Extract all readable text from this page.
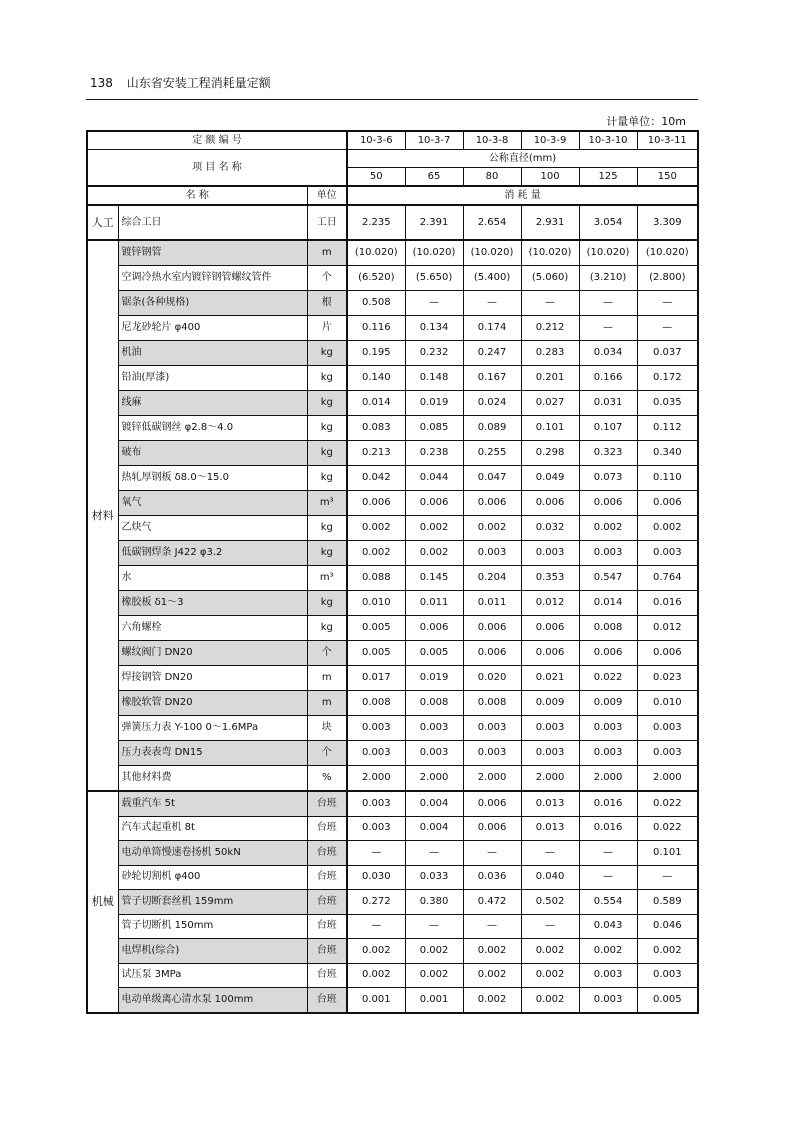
138 山东省安装工程消耗量定额
计量单位：10m
定 额 编 号			10-3-6	10-3-7	10-3-8	10-3-9	10-3-10	10-3-11
项 目 名 称			公称直径(mm)					
			50	65	80	100	125	150
名 称		单位	消 耗 量					
人工	综合工日	工日	2.235	2.391	2.654	2.931	3.054	3.309
材料	镀锌钢管	m	(10.020)	(10.020)	(10.020)	(10.020)	(10.020)	(10.020)
	空调冷热水室内镀锌钢管螺纹管件	个	(6.520)	(5.650)	(5.400)	(5.060)	(3.210)	(2.800)
	锯条(各种规格)	根	0.508	—	—	—	—	—
	尼龙砂轮片 φ400	片	0.116	0.134	0.174	0.212	—	—
	机油	kg	0.195	0.232	0.247	0.283	0.034	0.037
	铅油(厚漆)	kg	0.140	0.148	0.167	0.201	0.166	0.172
	线麻	kg	0.014	0.019	0.024	0.027	0.031	0.035
	镀锌低碳钢丝 φ2.8～4.0	kg	0.083	0.085	0.089	0.101	0.107	0.112
	破布	kg	0.213	0.238	0.255	0.298	0.323	0.340
	热轧厚钢板 δ8.0～15.0	kg	0.042	0.044	0.047	0.049	0.073	0.110
	氧气	m³	0.006	0.006	0.006	0.006	0.006	0.006
	乙炔气	kg	0.002	0.002	0.002	0.032	0.002	0.002
	低碳钢焊条 J422 φ3.2	kg	0.002	0.002	0.003	0.003	0.003	0.003
	水	m³	0.088	0.145	0.204	0.353	0.547	0.764
	橡胶板 δ1～3	kg	0.010	0.011	0.011	0.012	0.014	0.016
	六角螺栓	kg	0.005	0.006	0.006	0.006	0.008	0.012
	螺纹阀门 DN20	个	0.005	0.005	0.006	0.006	0.006	0.006
	焊接钢管 DN20	m	0.017	0.019	0.020	0.021	0.022	0.023
	橡胶软管 DN20	m	0.008	0.008	0.008	0.009	0.009	0.010
	弹簧压力表 Y-100 0～1.6MPa	块	0.003	0.003	0.003	0.003	0.003	0.003
	压力表表弯 DN15	个	0.003	0.003	0.003	0.003	0.003	0.003
	其他材料费	%	2.000	2.000	2.000	2.000	2.000	2.000
机械	载重汽车 5t	台班	0.003	0.004	0.006	0.013	0.016	0.022
	汽车式起重机 8t	台班	0.003	0.004	0.006	0.013	0.016	0.022
	电动单筒慢速卷扬机 50kN	台班	—	—	—	—	—	0.101
	砂轮切割机 φ400	台班	0.030	0.033	0.036	0.040	—	—
	管子切断套丝机 159mm	台班	0.272	0.380	0.472	0.502	0.554	0.589
	管子切断机 150mm	台班	—	—	—	—	0.043	0.046
	电焊机(综合)	台班	0.002	0.002	0.002	0.002	0.002	0.002
	试压泵 3MPa	台班	0.002	0.002	0.002	0.002	0.003	0.003
	电动单级离心清水泵 100mm	台班	0.001	0.001	0.002	0.002	0.003	0.005
